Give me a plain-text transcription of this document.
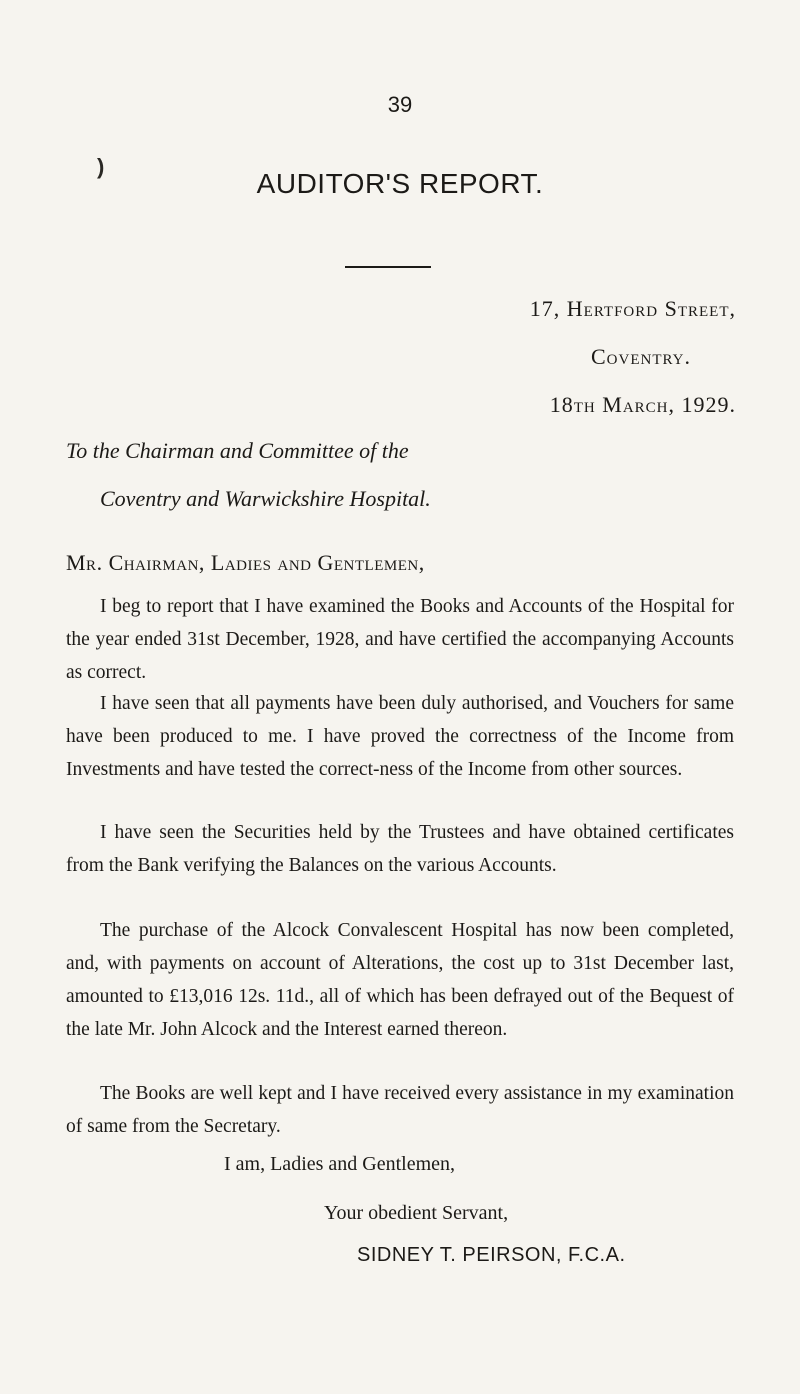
39
)
AUDITOR'S REPORT.
17, Hertford Street,
Coventry.
18th March, 1929.
To the Chairman and Committee of the
Coventry and Warwickshire Hospital.
Mr. Chairman, Ladies and Gentlemen,

I beg to report that I have examined the Books and Accounts of the Hospital for the year ended 31st December, 1928, and have certified the accompanying Accounts as correct.

I have seen that all payments have been duly authorised, and Vouchers for same have been produced to me. I have proved the correctness of the Income from Investments and have tested the correct-ness of the Income from other sources.

I have seen the Securities held by the Trustees and have obtained certificates from the Bank verifying the Balances on the various Accounts.

The purchase of the Alcock Convalescent Hospital has now been completed, and, with payments on account of Alterations, the cost up to 31st December last, amounted to £13,016 12s. 11d., all of which has been defrayed out of the Bequest of the late Mr. John Alcock and the Interest earned thereon.

The Books are well kept and I have received every assistance in my examination of same from the Secretary.

I am, Ladies and Gentlemen,
Your obedient Servant,
SIDNEY T. PEIRSON, F.C.A.
